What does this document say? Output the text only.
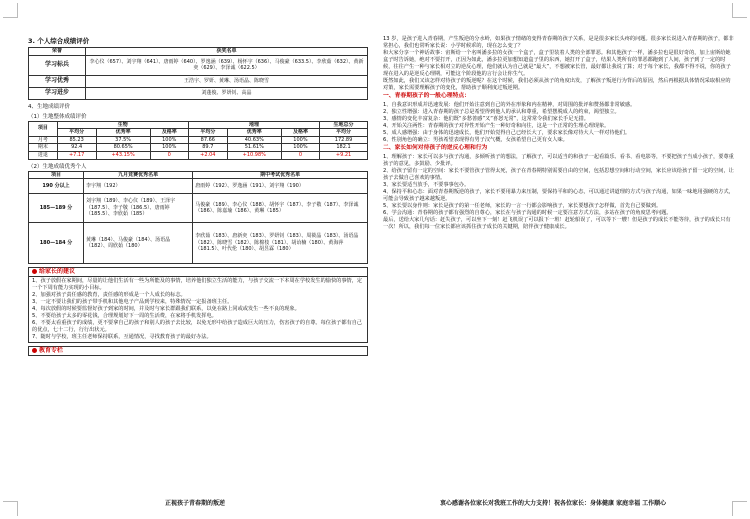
3. 个人综合成绩评价
荣誉	获奖名单
学习标兵	李心仪（657）、刘宇翔（641）、唐雨婷（640）、罗逸涵（639）、杨怀宇（636）、马俊豪（633.5）、李欣茹（632）、黄新奕（629）、李泽诚（622.5）
学习优秀	王浩宇、罗妍、黄琳、汤语晶、陈晓雪
学习进步	刘蓬俊、罗妍钊、高晶
4、生地成绩评价
（1）生地整体成绩评价
项目	生物			地理			生地总分
	平均分	优秀率	及格率	平均分	优秀率	及格率	平均分
月考	85.23	37.5%	100%	87.66	40.63%	100%	172.89
期末	92.4	80.65%	100%	89.7	51.61%	100%	182.1
进退	+7.17	+43.15%	0	+2.04	+10.98%	0	+9.21
（2）生地成绩优秀个人
项目	九月竞赛优秀名单	期中考试优秀名单
190 分以上	李宇翔（192）	唐雨婷（192）、罗逸涵（191）、刘宇翔（190）
185—189 分	刘宇翔（189）、李心仪（189）、王泽宇（187.5）、李子敬（186.5）、唐雨婷（185.5）、李欣茹（185）	马俊豪（189）、李心仪（188）、胡怀宇（187）、李子敬（187）、李泽诚（186）、陈嘉瑜（186）、黄琳（185）
180—184 分	黄琳（184）、马俊豪（184）、汤语晶（182）、周欣茹（180）	李欣茹（183）、唐新奕（183）、罗妍钊（183）、周筱晶（183）、汤语晶（182）、陈晓雪（182）、陈棉枝（181）、胡诒楠（180）、黄海萍（181.5）、叶代伦（180）、胡昱霖（180）
给家长的建议

1、孩子放假在家期间，尽量的让他们生活有一些为所能及的事情，培养他们独立生活的能力，与孩子交流一下本周在学校发生的愉快的事情，定一个下周有能力实现的小目标。

2、加强对孩子责任感的教育，责任感的形成是一个人成长的标志。

3、一定不要让我们的孩子带手机和其他电子产品到学校来，特殊情况一定报备班主任。

4、每次放假的时候要监督好孩子到家的时间，并及时与家长群跟我们联系，以免在路上同或或发生一些不良的现象。

5、不要给孩子太多的零花钱，合理规划好下一周的生活费，在家将手机发挥电。

6、不要太看重孩子的成绩，更不要拿自己的孩子和别人的孩子去比较，以免无形中给孩子造成巨大的压力，伤害孩子的自尊。每位孩子都有自己的优点，七十二行，行行出状元。

7、随时与学校，班主任老师保持联系，互通情况，寻找教育孩子的最好办法。

教育专栏
正视孩子青春期的叛逆

13 岁，是孩子进入青春期，产生叛逆的分水岭，如果孩子情绪的变得青春期的孩子关系，是是很多家长头疼的问题。很多家长说进入青春期的孩子，都非常担心，我们也常听家长说：小学时候乖的，现在怎么变了？

和大家分享一个神话故事：宙斯给一个名叫潘多拉的女孩一个盒子，盒子里装着人类的全部罪恶。和其他孩子一样，潘多拉也是很好奇的，加上宙斯给她盒子时告诉她，绝对不要打开，正因为如此，潘多拉更加想知道盒子里的东西，她打开了盒子，结果人类所有的罪恶都跑到了人间，孩子到了一定的时候，往往产生一种与家长相对立的逆反心理，他们就认为自己就是“最大”，不想被家长管，最好都让我说了算；对于每个家长，我都不得不说，你的孩子现在进入的是逆反心理期，可能这个阶段他的言行会让你生气。

既然如此，我们又该怎样对待孩子的叛逆呢？在这个时候，我们必须从孩子的角度出发，了解孩子叛逆行为背后的原因，然后再根据具体情况采取相应的对策，家长需要理解孩子的变化，帮助孩子顺利度过叛逆期。

一、青春期孩子的一般心理特点：

1、自我意识形成并迅速发展：他们开始注意到自己的外在形象和内在精神，对周围的批评和赞扬都非常敏感。

2、独立性增强：进入青春期的孩子总是希望得到他人的承认和尊重，希望摆脱成人的约束，渴望独立。

3、感情的变化丰富复杂：他们既“多愁善感”又“喜怒无常”，这常常令我们家长手足无措。

4、开始关注两性：青春期的孩子对异性开始产生一种好奇和向往，这是一个正常的生理心理现象。

5、成人感增强：由于身体的迅速成长，他们开始觉得自己已经长大了，要求家长像对待大人一样对待他们。

6、性别角色的确立：男孩希望表现得有男子汉气概，女孩希望自己更有女人味。

二、家长如何对待孩子的逆反心理和行为

1、理解孩子：家长可以多与孩子沟通，多倾听孩子的想法，了解孩子，可以适当的和孩子一起看篇乐、看书、看电影等，不要把孩子当成小孩子，要尊重孩子的意见，多鼓励、少批评。

2、给孩子留有一定的空间：家长不要管孩子管得太死，孩子在青春期特别需要自由的空间，包括思想空间和行动空间，家长应该给孩子留一定的空间，让孩子去做自己喜欢的事情。

3、家长要适当放手，不要事事包办。

4、保持平和心态：面对青春期叛逆的孩子，家长不要用暴力来压制，要保持平和的心态，可以通过讲道理的方式与孩子沟通，如果一味地用强硬的方式，可能会导致孩子越来越叛逆。

5、家长要以身作则：家长是孩子的第一任老师，家长的一言一行都会影响孩子，家长要想孩子怎样做，首先自己要做到。

6、学会沟通：青春期的孩子都有强烈的自尊心，家长在与孩子沟通的时候一定要注意方式方法，多站在孩子的角度思考问题。

最后，送给大家几句话：赶失孩子，可以坐下一刻！赶飞机误了可以报下一班！赶轮船误了，可以等下一艘！但是孩子的成长不能等待，孩子的成长只有一次！所以，我们每一位家长都应该抓住孩子成长的关键期，陪伴孩子健康成长。

衷心感谢各位家长对我班工作的大力支持！祝各位家长：身体健康 家庭幸福 工作顺心
